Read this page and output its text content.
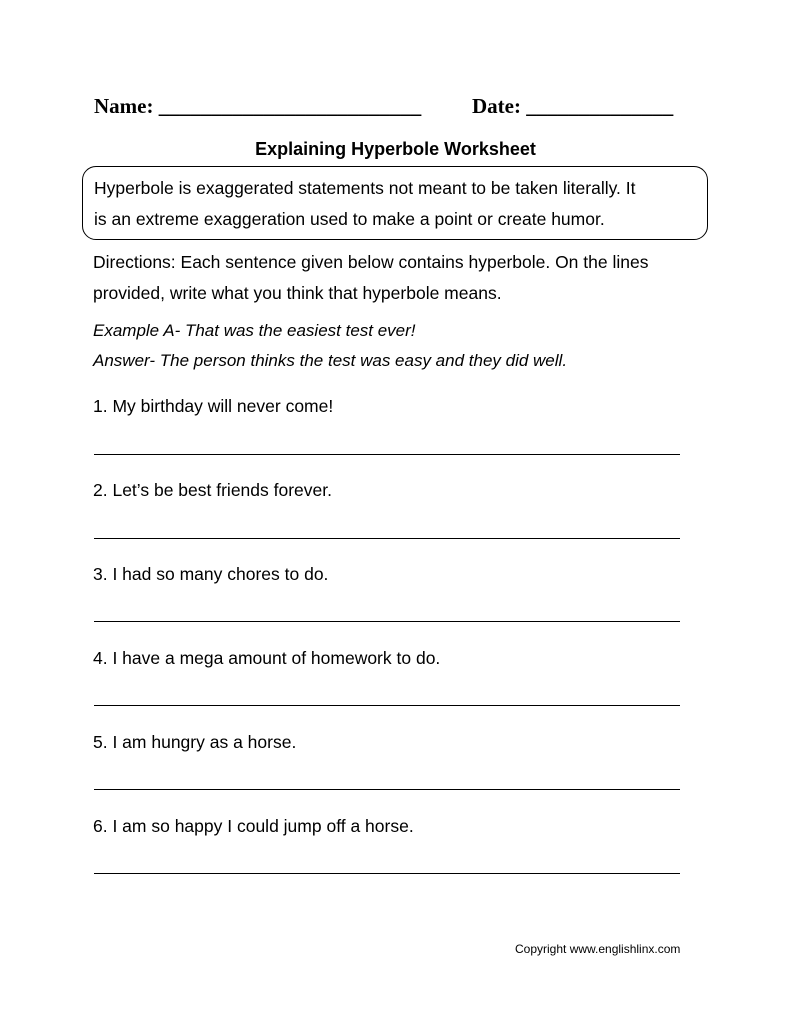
Name: _________________________ Date: ______________
Explaining Hyperbole Worksheet
Hyperbole is exaggerated statements not meant to be taken literally. It
is an extreme exaggeration used to make a point or create humor.
Directions: Each sentence given below contains hyperbole. On the lines
provided, write what you think that hyperbole means.
Example A- That was the easiest test ever!
Answer- The person thinks the test was easy and they did well.
1. My birthday will never come!
2. Let’s be best friends forever.
3. I had so many chores to do.
4. I have a mega amount of homework to do.
5. I am hungry as a horse.
6. I am so happy I could jump off a horse.
Copyright www.englishlinx.com
